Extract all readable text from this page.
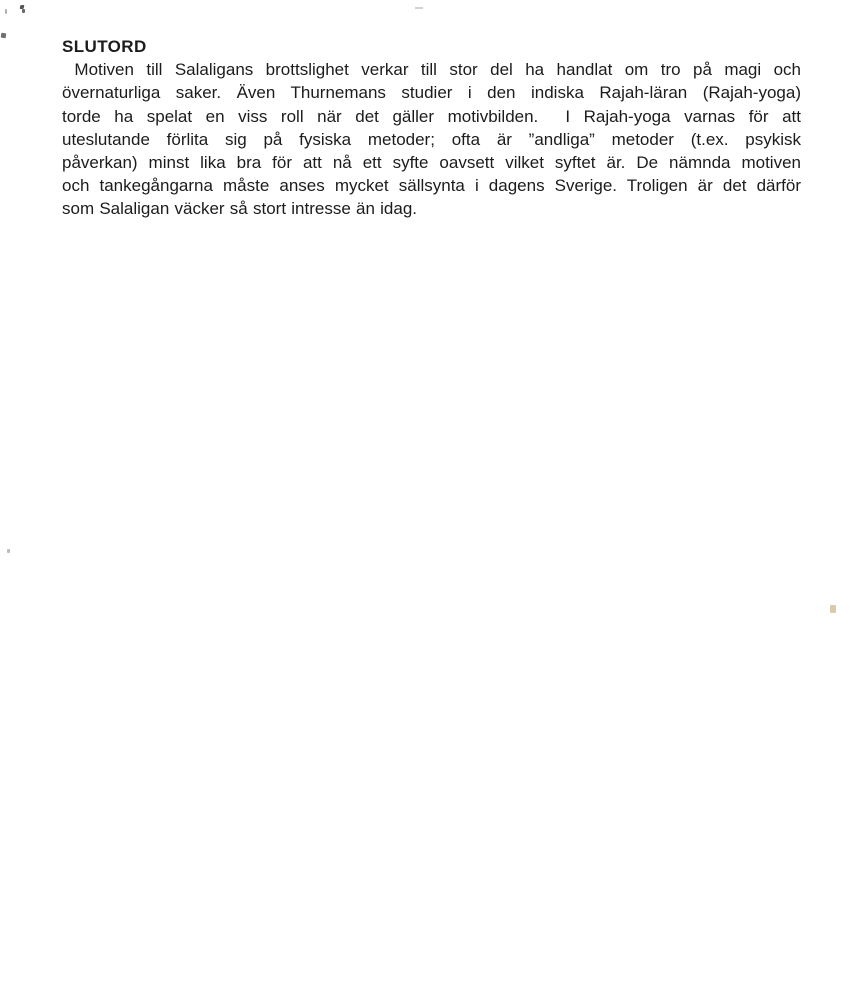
SLUTORD
Motiven till Salaligans brottslighet verkar till stor del ha handlat om tro på magi och
övernaturliga saker. Även Thurnemans studier i den indiska Rajah-läran (Rajah-yoga)
torde ha spelat en viss roll när det gäller motivbilden.  I Rajah-yoga varnas för att
uteslutande förlita sig på fysiska metoder; ofta är ”andliga” metoder (t.ex. psykisk
påverkan) minst lika bra för att nå ett syfte oavsett vilket syftet är. De nämnda motiven
och tankegångarna måste anses mycket sällsynta i dagens Sverige. Troligen är det därför
som Salaligan väcker så stort intresse än idag.
